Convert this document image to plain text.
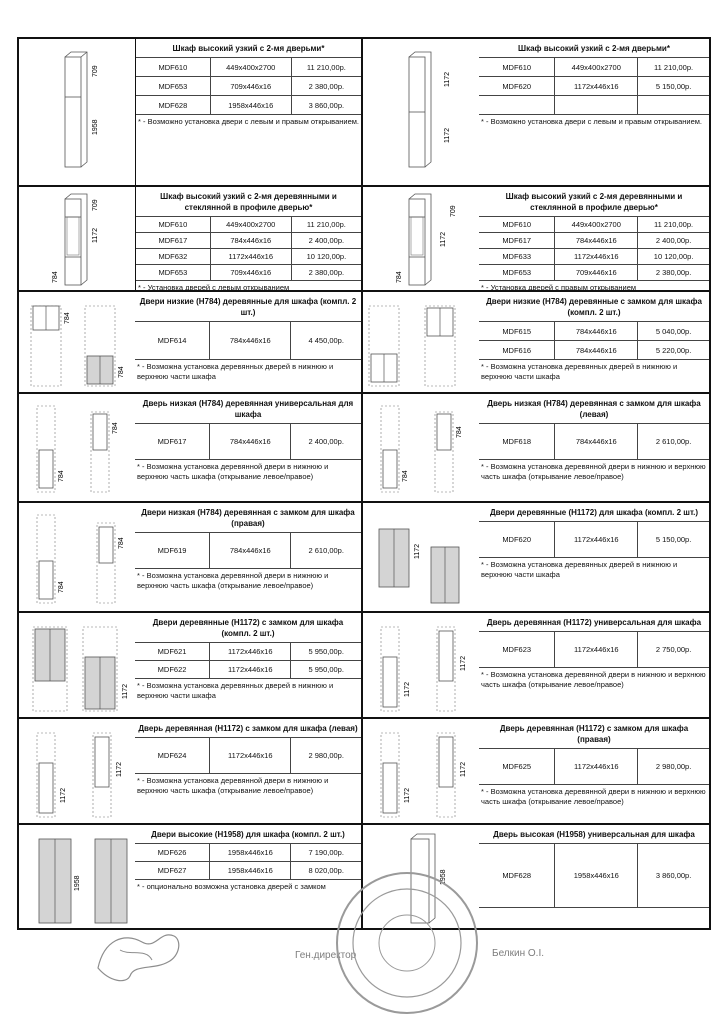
709
1958
Шкаф высокий узкий с 2-мя дверьми*
MDF610	449x400x2700	11 210,00р.
MDF653	709x446x16	2 380,00р.
MDF628	1958x446x16	3 860,00р.
* - Возможно установка двери с левым и правым открыванием.
1172
1172
Шкаф высокий узкий с 2-мя дверьми*
MDF610	449x400x2700	11 210,00р.
MDF620	1172x446x16	5 150,00р.

* - Возможно установка двери с левым и правым открыванием.
784
1172
709
Шкаф высокий узкий с 2-мя деревянными и стеклянной в профиле дверью*
MDF610	449x400x2700	11 210,00р.
MDF617	784x446x16	2 400,00р.
MDF632	1172x446x16	10 120,00р.
MDF653	709x446x16	2 380,00р.
* - Установка дверей с левым открыванием
784
1172
709
Шкаф высокий узкий с 2-мя деревянными и стеклянной в профиле дверью*
MDF610	449x400x2700	11 210,00р.
MDF617	784x446x16	2 400,00р.
MDF633	1172x446x16	10 120,00р.
MDF653	709x446x16	2 380,00р.
* - Установка дверей с правым открыванием
784
784
Двери низкие (H784) деревянные для шкафа (компл. 2 шт.)
MDF614	784x446x16	4 450,00р.
* - Возможна установка деревянных дверей в нижнюю и верхнюю части шкафа
Двери низкие (H784) деревянные с замком для шкафа (компл. 2 шт.)
MDF615	784x446x16	5 040,00р.
MDF616	784x446x16	5 220,00р.
* - Возможна установка деревянных дверей в нижнюю и верхнюю части шкафа
784
784
Дверь низкая (H784) деревянная универсальная для шкафа
MDF617	784x446x16	2 400,00р.
* - Возможна установка деревянной двери в нижнюю и верхнюю часть шкафа (открывание левое/правое)	784
784
Дверь низкая (H784) деревянная с замком для шкафа (левая)
MDF618	784x446x16	2 610,00р.
* - Возможна установка деревянной двери в нижнюю и верхнюю часть шкафа (открывание левое/правое)
784
784
Двери низкая (H784) деревянная с замком для шкафа (правая)
MDF619	784x446x16	2 610,00р.
* - Возможна установка деревянной двери в нижнюю и верхнюю часть шкафа (открывание левое/правое)
1172
Двери деревянные (H1172) для шкафа (компл. 2 шт.)
MDF620	1172x446x16	5 150,00р.
* - Возможна установка деревянных дверей в нижнюю и верхнюю части шкафа
1172
Двери деревянные (H1172) с замком для шкафа (компл. 2 шт.)
MDF621	1172x446x16	5 950,00р.
MDF622	1172x446x16	5 950,00р.
* - Возможна установка деревянных дверей в нижнюю и верхнюю части шкафа	1172
1172
Дверь деревянная (H1172) универсальная для шкафа
MDF623	1172x446x16	2 750,00р.
* - Возможна установка деревянной двери в нижнюю и верхнюю часть шкафа (открывание левое/правое)
1172
1172
Дверь деревянная (H1172) с замком для шкафа (левая)
MDF624	1172x446x16	2 980,00р.
* - Возможна установка деревянной двери в нижнюю и верхнюю часть шкафа (открывание левое/правое)	1172
1172
Дверь деревянная (H1172) с замком для шкафа (правая)
MDF625	1172x446x16	2 980,00р.
* - Возможна установка деревянной двери в нижнюю и верхнюю часть шкафа (открывание левое/правое)
1958
Двери высокие (H1958) для шкафа (компл. 2 шт.)
MDF626	1958x446x16	7 190,00р.
MDF627	1958x446x16	8 020,00р.
* - опционально возможна установка дверей с замком
1958
Дверь высокая (H1958) универсальная для шкафа
MDF628	1958x446x16	3 860,00р.
Ген.директор	Белкин О.I.
